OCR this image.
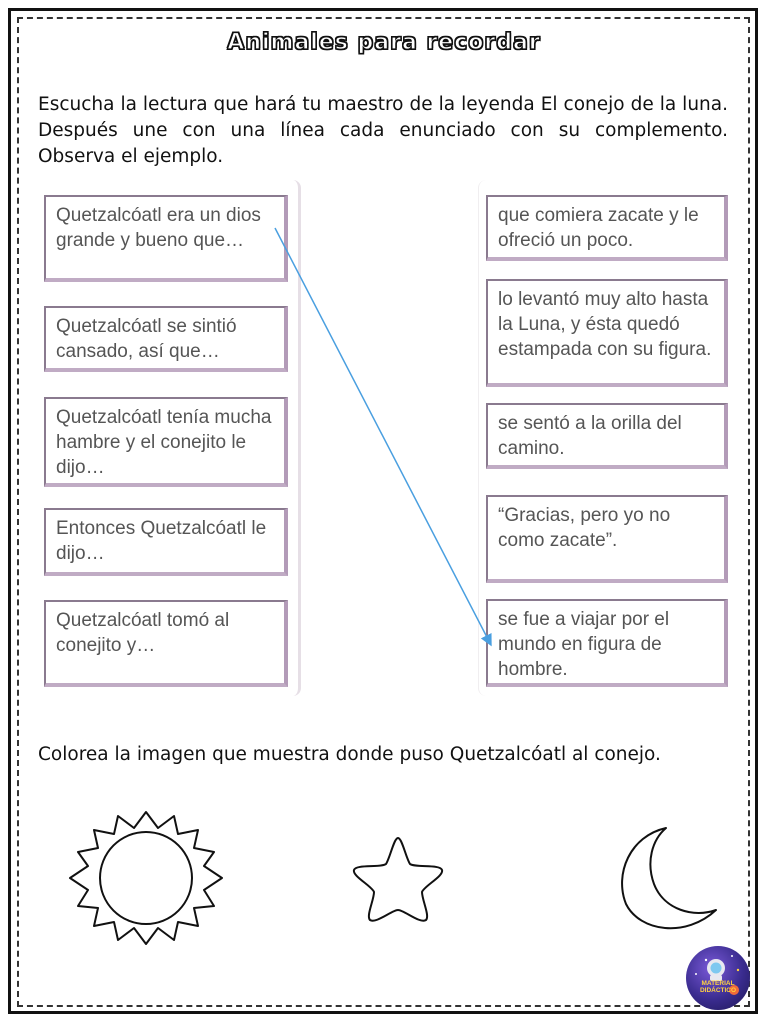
Animales para recordar
Escucha la lectura que hará tu maestro de la leyenda El conejo de la luna. Después une con una línea cada enunciado con su complemento. Observa el ejemplo.
Quetzalcóatl era un dios grande y bueno que…
Quetzalcóatl se sintió cansado, así que…
Quetzalcóatl tenía mucha hambre y el conejito le dijo…
Entonces Quetzalcóatl le dijo…
Quetzalcóatl tomó al conejito y…
que comiera zacate y le ofreció un poco.
lo levantó muy alto hasta la Luna, y ésta quedó estampada con su figura.
se sentó a la orilla del camino.
“Gracias, pero yo no como zacate”.
se fue a viajar por el mundo en figura de hombre.
Colorea la imagen que muestra donde puso Quetzalcóatl al conejo.
MATERIAL DIDÁCTICO
